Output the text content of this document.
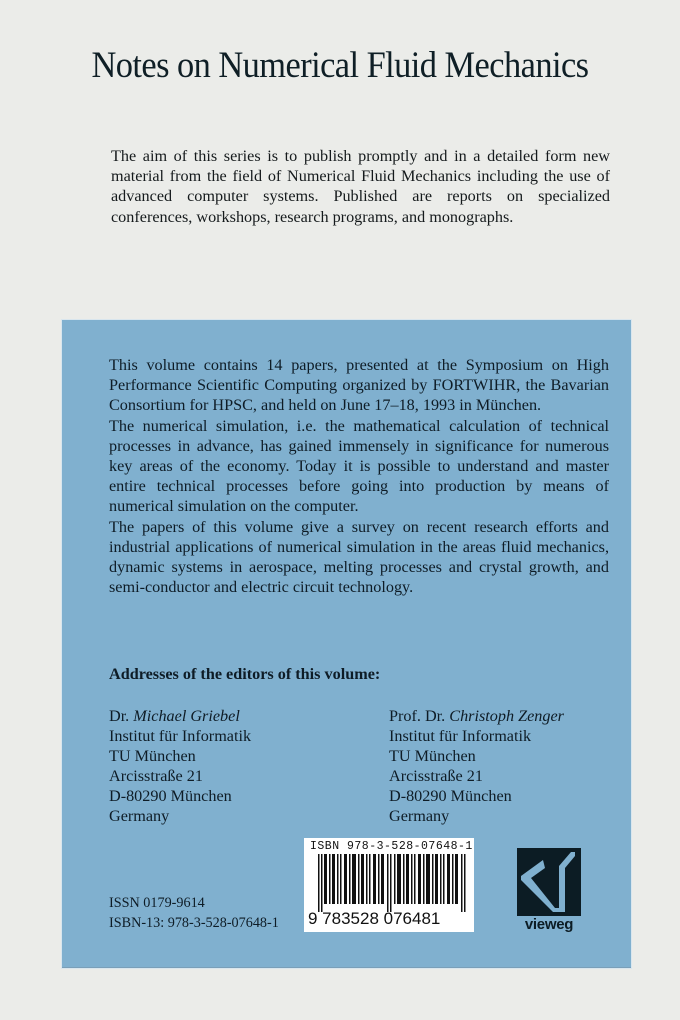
Notes on Numerical Fluid Mechanics
The aim of this series is to publish promptly and in a detailed form new material from the field of Numerical Fluid Mechanics including the use of advanced computer systems. Published are reports on specialized conferences, workshops, research programs, and monographs.

This volume contains 14 papers, presented at the Symposium on High Performance Scientific Computing organized by FORTWIHR, the Bavarian Consortium for HPSC, and held on June 17–18, 1993 in München.

The numerical simulation, i.e. the mathematical calculation of technical processes in advance, has gained immensely in significance for numerous key areas of the economy. Today it is possible to understand and master entire technical processes before going into production by means of numerical simulation on the computer.

The papers of this volume give a survey on recent research efforts and industrial applications of numerical simulation in the areas fluid mechanics, dynamic systems in aerospace, melting processes and crystal growth, and semi-conductor and electric circuit technology.

Addresses of the editors of this volume:
Dr. Michael Griebel
Institut für Informatik
TU München
Arcisstraße 21
D-80290 München
Germany
Prof. Dr. Christoph Zenger
Institut für Informatik
TU München
Arcisstraße 21
D-80290 München
Germany
ISSN 0179-9614
ISBN-13: 978-3-528-07648-1
ISBN 978-3-528-07648-1
9 783528 076481	vieweg
